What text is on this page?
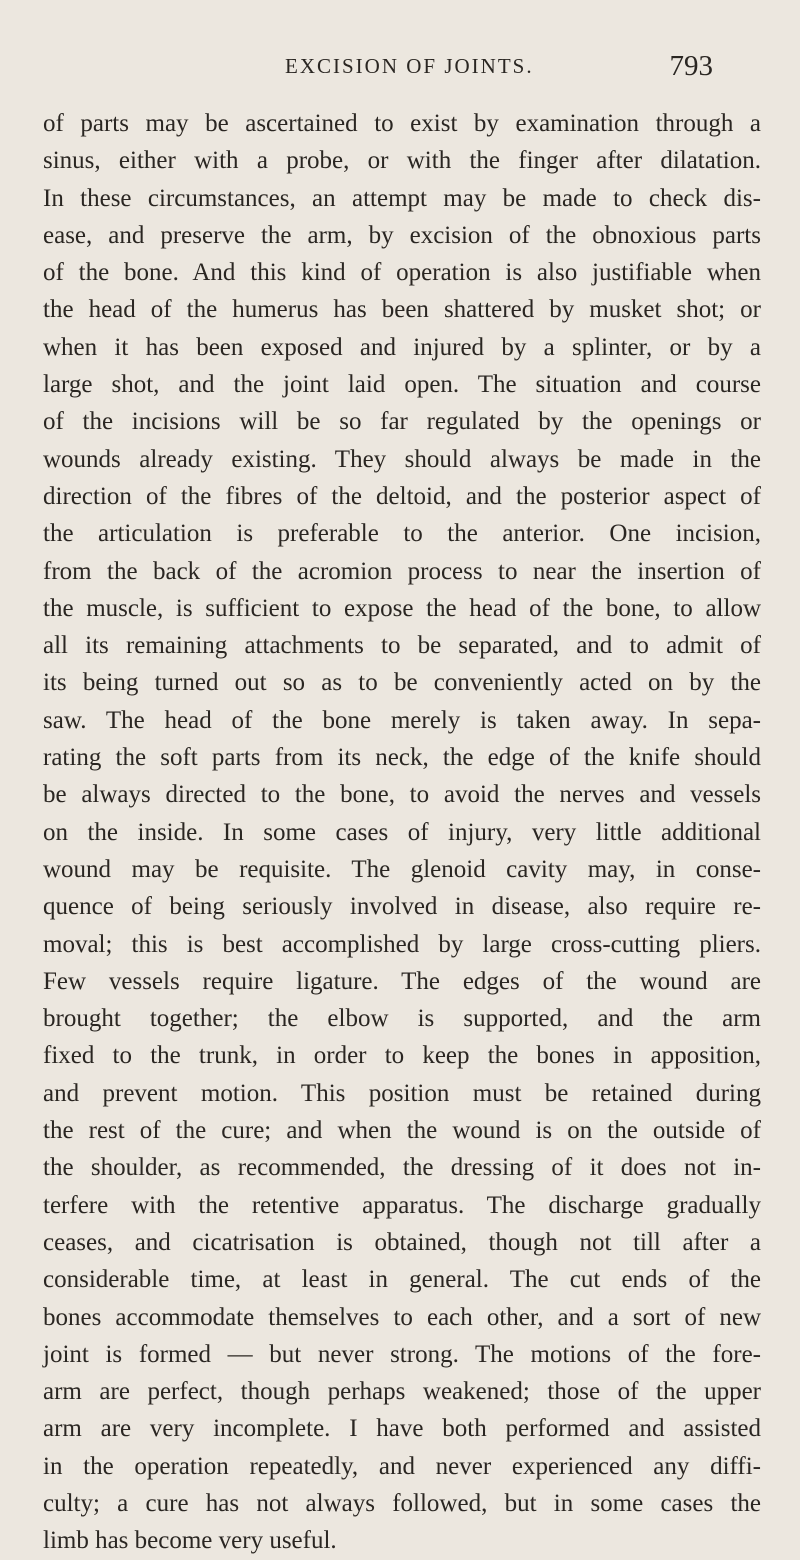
EXCISION OF JOINTS.	793
of parts may be ascertained to exist by examination through a
sinus, either with a probe, or with the finger after dilatation.
In these circumstances, an attempt may be made to check dis-
ease, and preserve the arm, by excision of the obnoxious parts
of the bone. And this kind of operation is also justifiable when
the head of the humerus has been shattered by musket shot; or
when it has been exposed and injured by a splinter, or by a
large shot, and the joint laid open. The situation and course
of the incisions will be so far regulated by the openings or
wounds already existing. They should always be made in the
direction of the fibres of the deltoid, and the posterior aspect of
the articulation is preferable to the anterior. One incision,
from the back of the acromion process to near the insertion of
the muscle, is sufficient to expose the head of the bone, to allow
all its remaining attachments to be separated, and to admit of
its being turned out so as to be conveniently acted on by the
saw. The head of the bone merely is taken away. In sepa-
rating the soft parts from its neck, the edge of the knife should
be always directed to the bone, to avoid the nerves and vessels
on the inside. In some cases of injury, very little additional
wound may be requisite. The glenoid cavity may, in conse-
quence of being seriously involved in disease, also require re-
moval; this is best accomplished by large cross-cutting pliers.
Few vessels require ligature. The edges of the wound are
brought together; the elbow is supported, and the arm
fixed to the trunk, in order to keep the bones in apposition,
and prevent motion. This position must be retained during
the rest of the cure; and when the wound is on the outside of
the shoulder, as recommended, the dressing of it does not in-
terfere with the retentive apparatus. The discharge gradually
ceases, and cicatrisation is obtained, though not till after a
considerable time, at least in general. The cut ends of the
bones accommodate themselves to each other, and a sort of new
joint is formed — but never strong. The motions of the fore-
arm are perfect, though perhaps weakened; those of the upper
arm are very incomplete. I have both performed and assisted
in the operation repeatedly, and never experienced any diffi-
culty; a cure has not always followed, but in some cases the
limb has become very useful.
